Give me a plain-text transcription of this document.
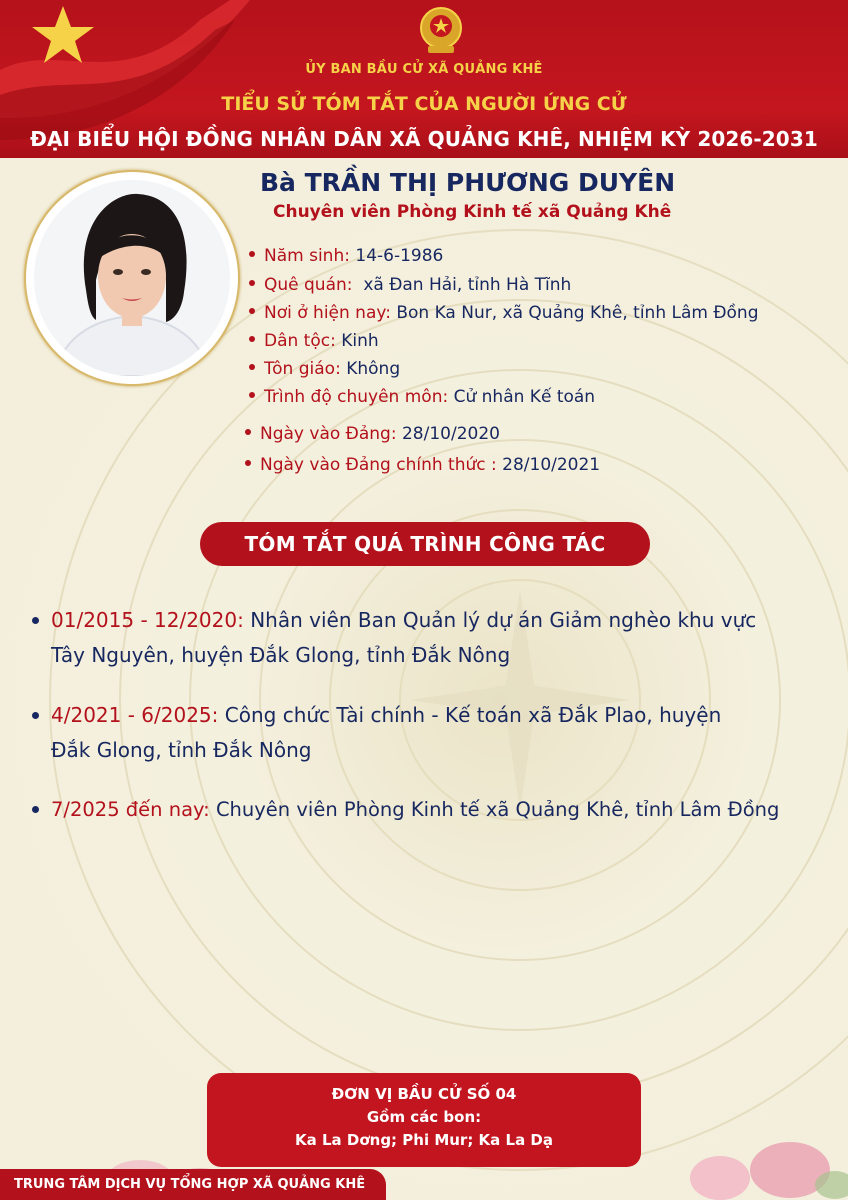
ỦY BAN BẦU CỬ XÃ QUẢNG KHÊ
TIỂU SỬ TÓM TẮT CỦA NGƯỜI ỨNG CỬ
ĐẠI BIỂU HỘI ĐỒNG NHÂN DÂN XÃ QUẢNG KHÊ, NHIỆM KỲ 2026-2031
Bà TRẦN THỊ PHƯƠNG DUYÊN
Chuyên viên Phòng Kinh tế xã Quảng Khê
Năm sinh: 14-6-1986
Quê quán: xã Đan Hải, tỉnh Hà Tĩnh
Nơi ở hiện nay: Bon Ka Nur, xã Quảng Khê, tỉnh Lâm Đồng
Dân tộc: Kinh
Tôn giáo: Không
Trình độ chuyên môn: Cử nhân Kế toán
Ngày vào Đảng: 28/10/2020
Ngày vào Đảng chính thức : 28/10/2021
TÓM TẮT QUÁ TRÌNH CÔNG TÁC
01/2015 - 12/2020: Nhân viên Ban Quản lý dự án Giảm nghèo khu vực
Tây Nguyên, huyện Đắk Glong, tỉnh Đắk Nông
4/2021 - 6/2025: Công chức Tài chính - Kế toán xã Đắk Plao, huyện
Đắk Glong, tỉnh Đắk Nông
7/2025 đến nay: Chuyên viên Phòng Kinh tế xã Quảng Khê, tỉnh Lâm Đồng
ĐƠN VỊ BẦU CỬ SỐ 04
Gồm các bon:
Ka La Dơng; Phi Mur; Ka La Dạ
TRUNG TÂM DỊCH VỤ TỔNG HỢP XÃ QUẢNG KHÊ
